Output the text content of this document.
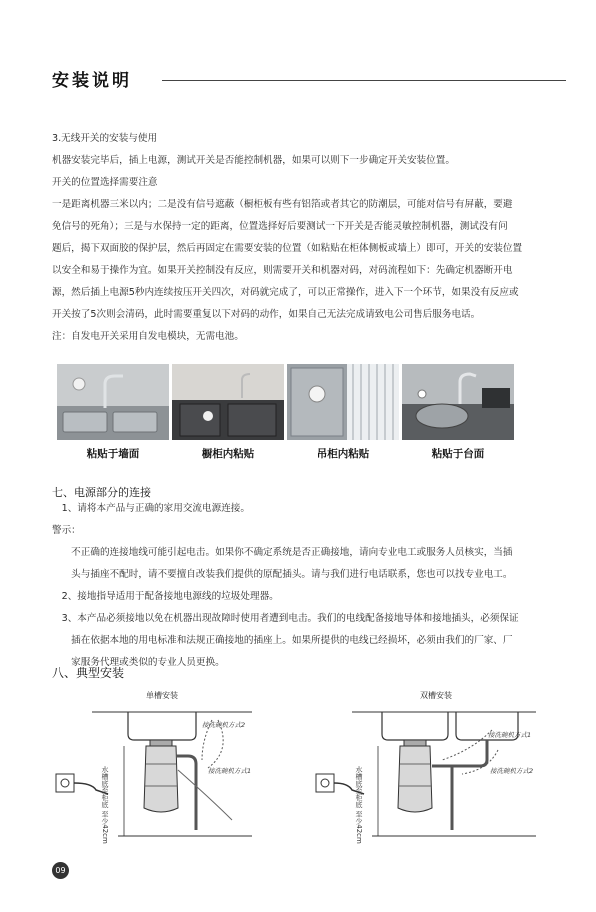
安装说明
3.无线开关的安装与使用
机器安装完毕后，插上电源，测试开关是否能控制机器，如果可以则下一步确定开关安装位置。
开关的位置选择需要注意
一是距离机器三米以内；二是没有信号遮蔽（橱柜板有些有铝箔或者其它的防潮层，可能对信号有屏蔽，要避
免信号的死角）；三是与水保持一定的距离，位置选择好后要测试一下开关是否能灵敏控制机器，测试没有问
题后，揭下双面胶的保护层，然后再固定在需要安装的位置（如粘贴在柜体侧板或墙上）即可，开关的安装位置
以安全和易于操作为宜。如果开关控制没有反应，则需要开关和机器对码，对码流程如下：先确定机器断开电
源，然后插上电源5秒内连续按压开关四次，对码就完成了，可以正常操作，进入下一个环节，如果没有反应或
开关按了5次则会清码，此时需要重复以下对码的动作，如果自己无法完成请致电公司售后服务电话。
注：自发电开关采用自发电模块，无需电池。
粘贴于墙面	橱柜内粘贴	吊柜内粘贴	粘贴于台面
七、电源部分的连接
　1、请将本产品与正确的家用交流电源连接。
警示：
　　不正确的连接地线可能引起电击。如果你不确定系统是否正确接地，请向专业电工或服务人员核实，当插
　　头与插座不配时，请不要擅自改装我们提供的原配插头。请与我们进行电话联系，您也可以找专业电工。
　2、接地指导适用于配备接地电源线的垃圾处理器。
　3、本产品必须接地以免在机器出现故障时使用者遭到电击。我们的电线配备接地导体和接地插头，必须保证
　　插在依据本地的用电标准和法规正确接地的插座上。如果所提供的电线已经损坏，必须由我们的厂家、厂
　　家服务代理或类似的专业人员更换。
八、典型安装
单槽安装
接洗碗机方式2
接洗碗机方式1
水槽底至柜底 至少42cm
双槽安装
接洗碗机方式1
接洗碗机方式2
水槽底至柜底 至少42cm
09
